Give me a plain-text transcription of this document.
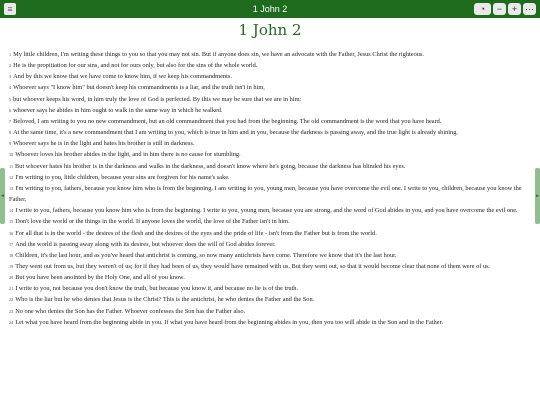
≡	1 John 2	◔	−	+ ⋯
1 John 2
◂	▸

$^1$ My little children, I'm writing these things to you so that you may not sin. But if anyone does sin, we have an advocate with the Father, Jesus Christ the righteous.

$^2$ He is the propitiation for our sins, and not for ours only, but also for the sins of the whole world.

$^3$ And by this we know that we have come to know him, if we keep his commandments.

$^4$ Whoever says "I know him" but doesn't keep his commandments is a liar, and the truth isn't in him,

$^5$ but whoever keeps his word, in him truly the love of God is perfected. By this we may be sure that we are in him:

$^6$ whoever says he abides in him ought to walk in the same way in which he walked.

$^7$ Beloved, I am writing to you no new commandment, but an old commandment that you had from the beginning. The old commandment is the word that you have heard.

$^8$ At the same time, it's a new commandment that I am writing to you, which is true in him and in you, because the darkness is passing away, and the true light is already shining.

$^9$ Whoever says he is in the light and hates his brother is still in darkness.

$^{10}$ Whoever loves his brother abides in the light, and in him there is no cause for stumbling.

$^{11}$ But whoever hates his brother is in the darkness and walks in the darkness, and doesn't know where he's going, because the darkness has blinded his eyes.

$^{12}$ I'm writing to you, little children, because your sins are forgiven for his name's sake.

$^{13}$ I'm writing to you, fathers, because you know him who is from the beginning. I am writing to you, young men, because you have overcome the evil one. I write to you, children, because you know the Father.

$^{14}$ I write to you, fathers, because you know him who is from the beginning. I write to you, young men, because you are strong, and the word of God abides in you, and you have overcome the evil one.

$^{15}$ Don't love the world or the things in the world. If anyone loves the world, the love of the Father isn't in him.

$^{16}$ For all that is in the world - the desires of the flesh and the desires of the eyes and the pride of life - isn't from the Father but is from the world.

$^{17}$ And the world is passing away along with its desires, but whoever does the will of God abides forever.

$^{18}$ Children, it's the last hour, and as you've heard that antichrist is coming, so now many antichrists have come. Therefore we know that it's the last hour.

$^{19}$ They went out from us, but they weren't of us; for if they had been of us, they would have remained with us. But they went out, so that it would become clear that none of them were of us.

$^{20}$ But you have been anointed by the Holy One, and all of you know.

$^{21}$ I write to you, not because you don't know the truth, but because you know it, and because no lie is of the truth.

$^{22}$ Who is the liar but he who denies that Jesus is the Christ? This is the antichrist, he who denies the Father and the Son.

$^{23}$ No one who denies the Son has the Father. Whoever confesses the Son has the Father also.

$^{24}$ Let what you have heard from the beginning abide in you. If what you have heard from the beginning abides in you, then you too will abide in the Son and in the Father.
